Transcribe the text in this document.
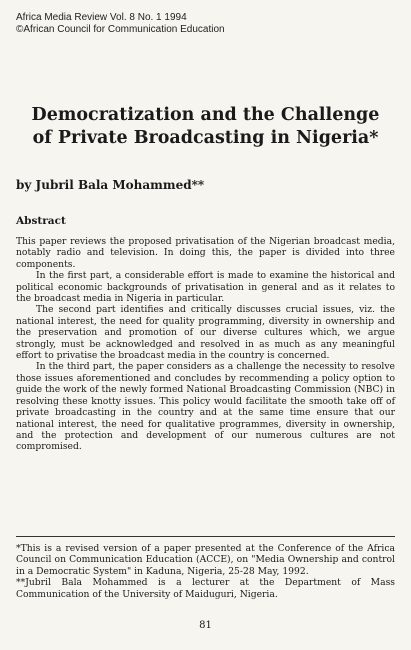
Africa Media Review Vol. 8 No. 1 1994
©African Council for Communication Education
Democratization and the Challenge
of Private Broadcasting in Nigeria*
by Jubril Bala Mohammed**
Abstract

This paper reviews the proposed privatisation of the Nigerian broadcast media, notably radio and television. In doing this, the paper is divided into three components.

In the first part, a considerable effort is made to examine the historical and political economic backgrounds of privatisation in general and as it relates to the broadcast media in Nigeria in particular.

The second part identifies and critically discusses crucial issues, viz. the national interest, the need for quality programming, diversity in ownership and the preservation and promotion of our diverse cultures which, we argue strongly, must be acknowledged and resolved in as much as any meaningful effort to privatise the broadcast media in the country is concerned.

In the third part, the paper considers as a challenge the necessity to resolve those issues aforementioned and concludes by recommending a policy option to guide the work of the newly formed National Broadcasting Commission (NBC) in resolving these knotty issues. This policy would facilitate the smooth take off of private broadcasting in the country and at the same time ensure that our national interest, the need for qualitative programmes, diversity in ownership, and the protection and development of our numerous cultures are not compromised.

*This is a revised version of a paper presented at the Conference of the Africa Council on Communication Education (ACCE), on "Media Ownership and control in a Democratic System" in Kaduna, Nigeria, 25-28 May, 1992.

**Jubril Bala Mohammed is a lecturer at the Department of Mass Communication of the University of Maiduguri, Nigeria.

81
